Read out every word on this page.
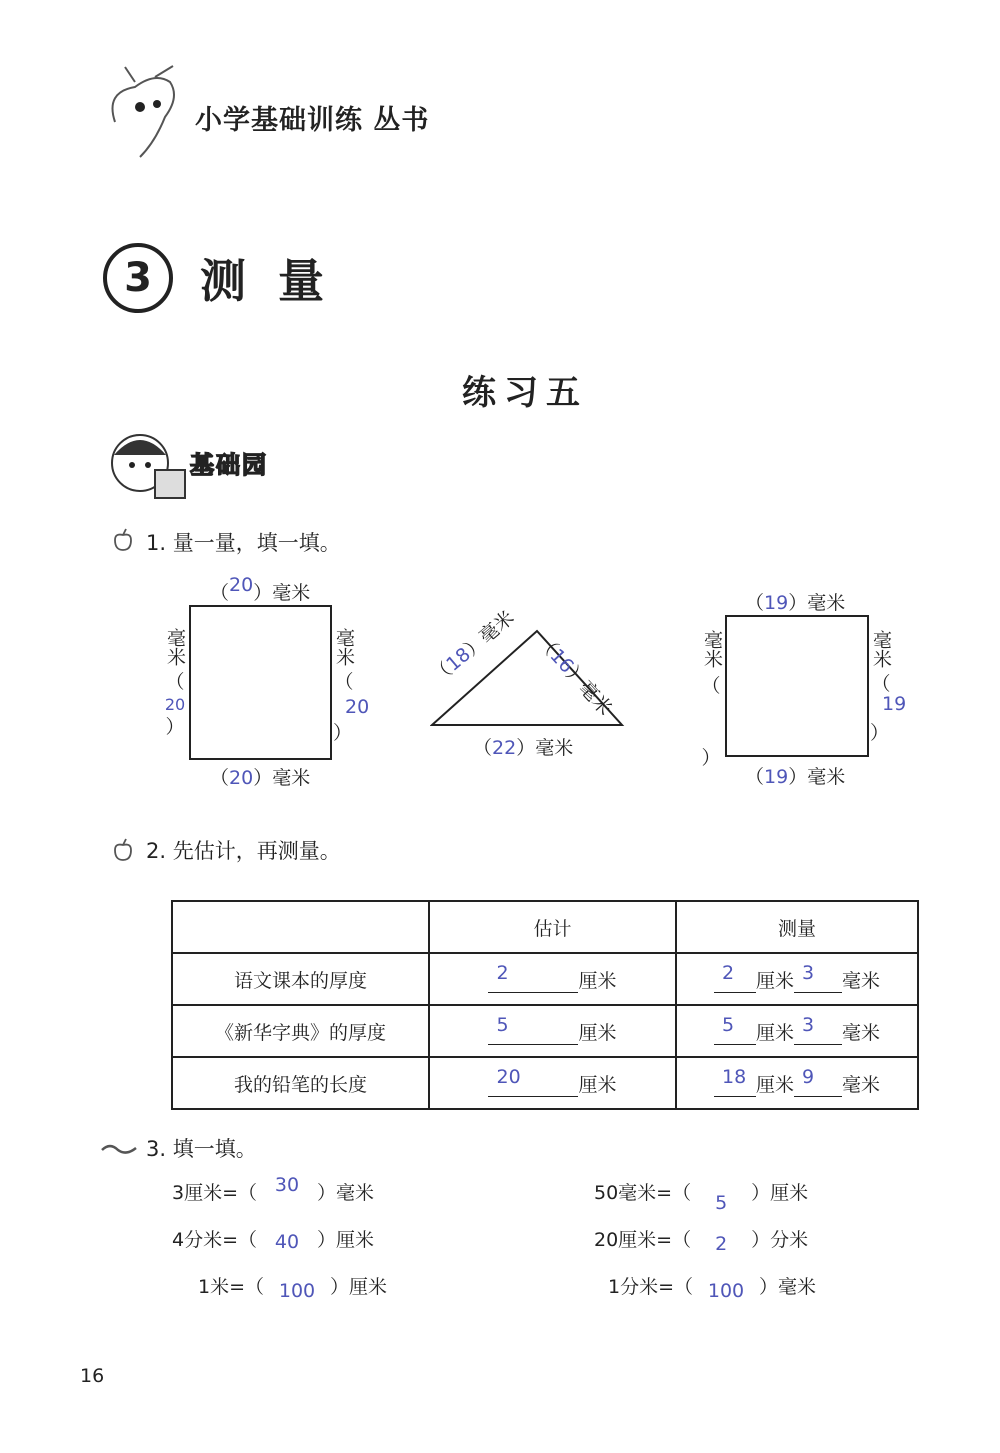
小学基础训练 丛书
3	测量
练习五
基础园
1. 量一量，填一填。
（20）毫米
（20）毫米
毫米
（
20
）
毫米
（
20
）
（18）毫米 （16）毫米
（22）毫米
（19）毫米
（19）毫米
毫米
（

）
毫米
（
19
）
2. 先估计，再测量。
	估计	测量
语文课本的厚度	2 厘米	2 厘米 3 毫米
《新华字典》的厚度	5 厘米	5 厘米 3 毫米
我的铅笔的长度	20 厘米	18 厘米 9 毫米
3. 填一填。
3厘米=（ 30 ）毫米	50毫米=（ 5 ）厘米
4分米=（ 40 ）厘米	20厘米=（ 2 ）分米
1米=（ 100 ）厘米	1分米=（ 100 ）毫米
16
